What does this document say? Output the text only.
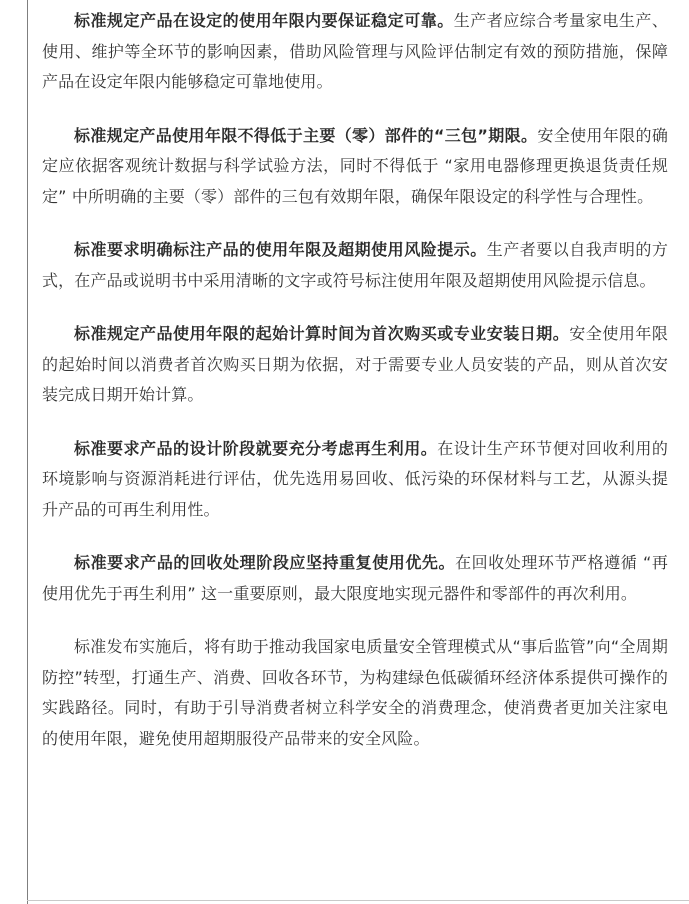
标准规定产品在设定的使用年限内要保证稳定可靠。生产者应综合考量家电生产、使用、维护等全环节的影响因素，借助风险管理与风险评估制定有效的预防措施，保障产品在设定年限内能够稳定可靠地使用。

标准规定产品使用年限不得低于主要（零）部件的“三包”期限。安全使用年限的确定应依据客观统计数据与科学试验方法，同时不得低于 “家用电器修理更换退货责任规定” 中所明确的主要（零）部件的三包有效期年限，确保年限设定的科学性与合理性。

标准要求明确标注产品的使用年限及超期使用风险提示。生产者要以自我声明的方式，在产品或说明书中采用清晰的文字或符号标注使用年限及超期使用风险提示信息。

标准规定产品使用年限的起始计算时间为首次购买或专业安装日期。安全使用年限的起始时间以消费者首次购买日期为依据，对于需要专业人员安装的产品，则从首次安装完成日期开始计算。

标准要求产品的设计阶段就要充分考虑再生利用。在设计生产环节便对回收利用的环境影响与资源消耗进行评估，优先选用易回收、低污染的环保材料与工艺，从源头提升产品的可再生利用性。

标准要求产品的回收处理阶段应坚持重复使用优先。在回收处理环节严格遵循 “再使用优先于再生利用” 这一重要原则，最大限度地实现元器件和零部件的再次利用。

标准发布实施后，将有助于推动我国家电质量安全管理模式从“事后监管”向“全周期防控”转型，打通生产、消费、回收各环节，为构建绿色低碳循环经济体系提供可操作的实践路径。同时，有助于引导消费者树立科学安全的消费理念，使消费者更加关注家电的使用年限，避免使用超期服役产品带来的安全风险。
